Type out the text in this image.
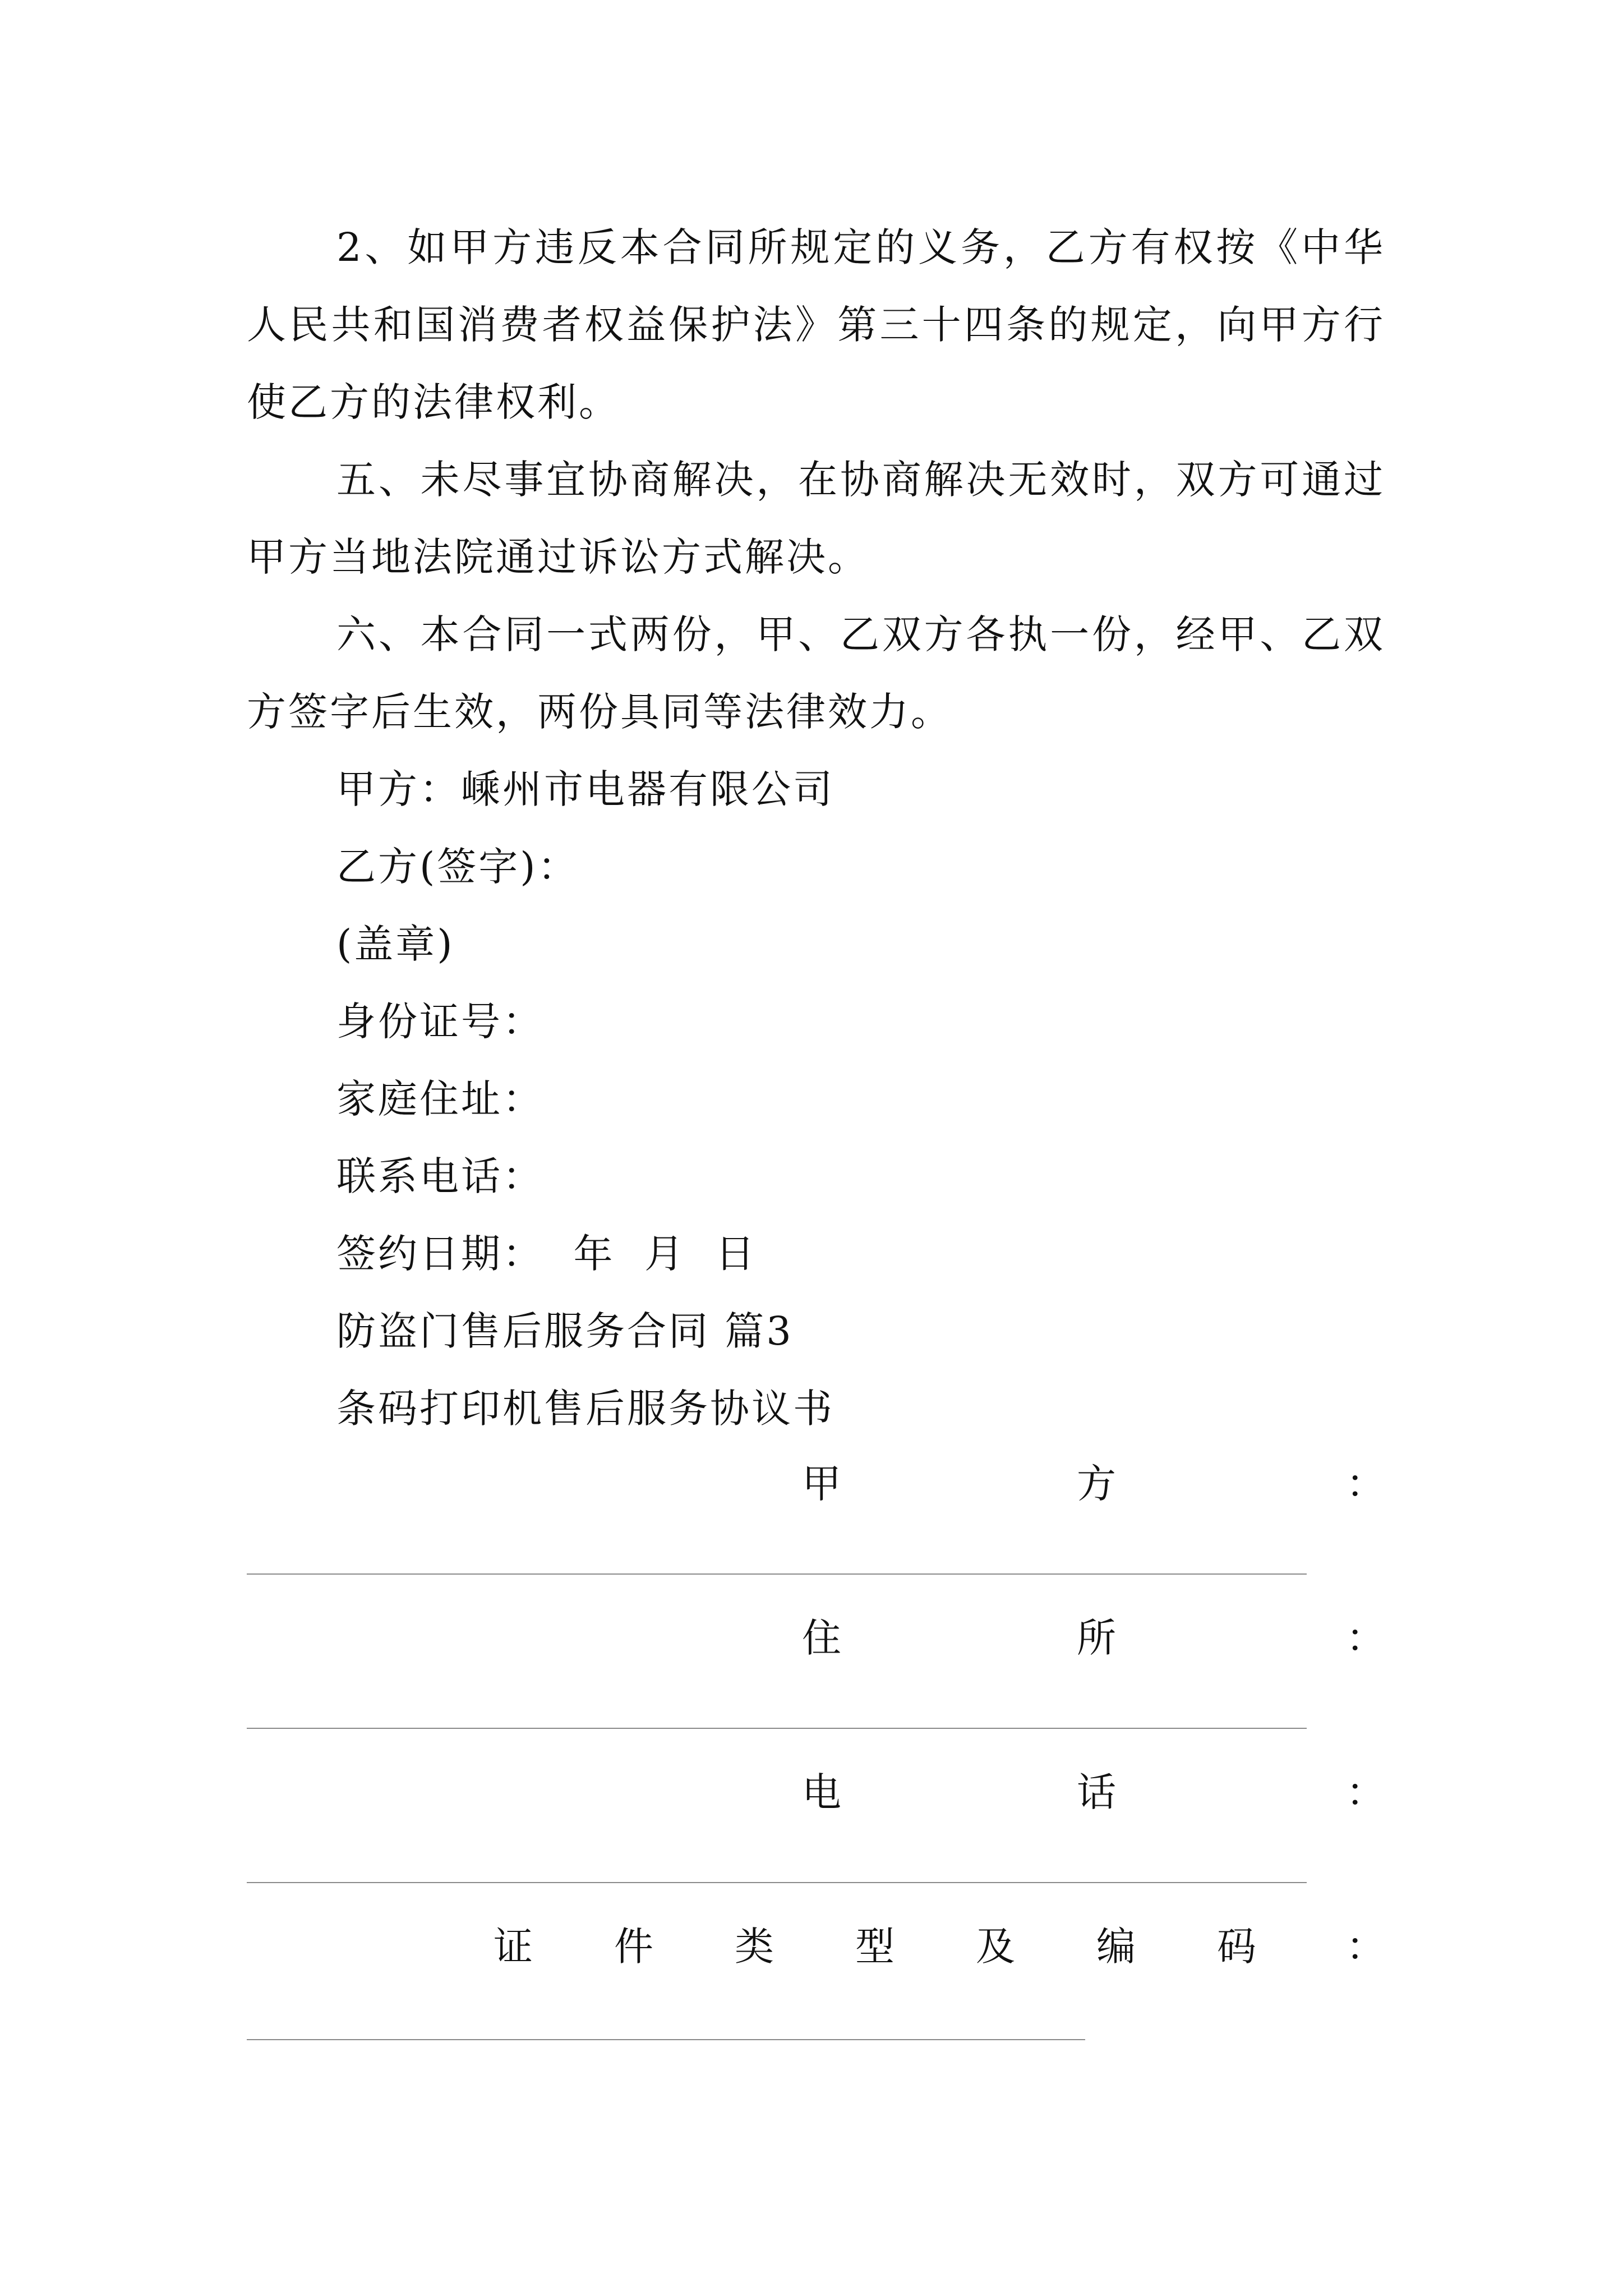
2、如甲方违反本合同所规定的义务，乙方有权按《中华人民共和国消费者权益保护法》第三十四条的规定，向甲方行使乙方的法律权利。

五、未尽事宜协商解决，在协商解决无效时，双方可通过甲方当地法院通过诉讼方式解决。

六、本合同一式两份，甲、乙双方各执一份，经甲、乙双方签字后生效，两份具同等法律效力。

甲方：嵊州市电器有限公司

乙方(签字)：

(盖章)

身份证号：

家庭住址：

联系电话：

签约日期：  年  月  日

防盗门售后服务合同 篇3

条码打印机售后服务协议书

甲	方	：
住	所	：
电	话	：
证 件 类 型 及 编 码 ：
